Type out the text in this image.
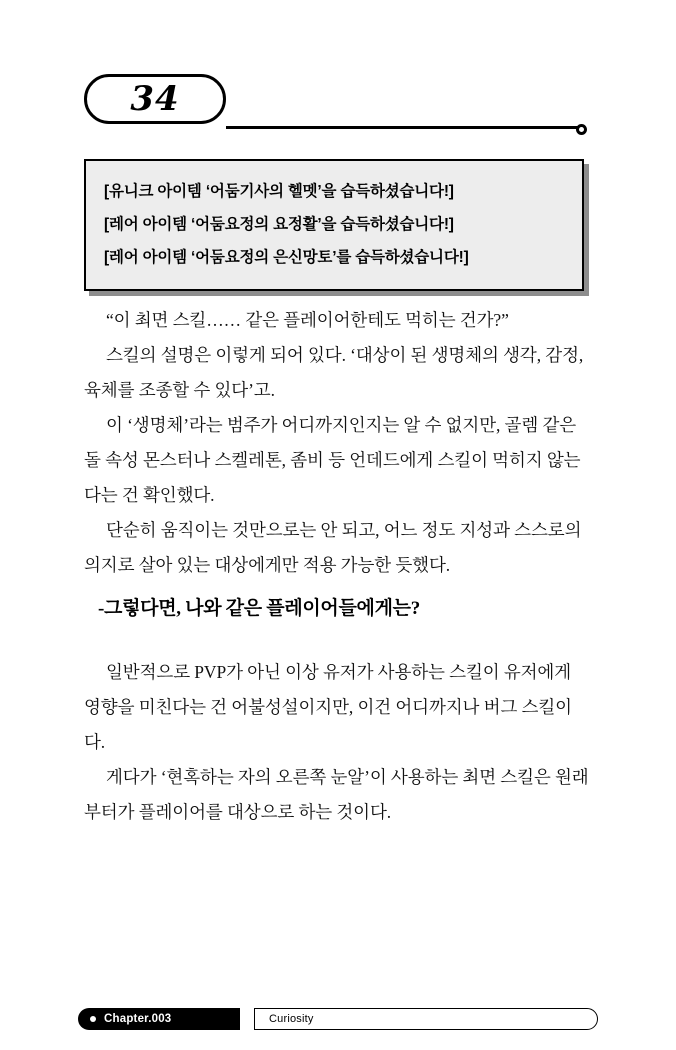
34
[유니크 아이템 ‘어둠기사의 헬멧’을 습득하셨습니다!]
[레어 아이템 ‘어둠요정의 요정활’을 습득하셨습니다!]
[레어 아이템 ‘어둠요정의 은신망토’를 습득하셨습니다!]

“이 최면 스킬…… 같은 플레이어한테도 먹히는 건가?”

스킬의 설명은 이렇게 되어 있다. ‘대상이 된 생명체의 생각, 감정, 육체를 조종할 수 있다’고.

이 ‘생명체’라는 범주가 어디까지인지는 알 수 없지만, 골렘 같은 돌 속성 몬스터나 스켈레톤, 좀비 등 언데드에게 스킬이 먹히지 않는다는 건 확인했다.

단순히 움직이는 것만으로는 안 되고, 어느 정도 지성과 스스로의 의지로 살아 있는 대상에게만 적용 가능한 듯했다.

-그렇다면, 나와 같은 플레이어들에게는?

일반적으로 PVP가 아닌 이상 유저가 사용하는 스킬이 유저에게 영향을 미친다는 건 어불성설이지만, 이건 어디까지나 버그 스킬이다.

게다가 ‘현혹하는 자의 오른쪽 눈알’이 사용하는 최면 스킬은 원래부터가 플레이어를 대상으로 하는 것이다.

Chapter.003	Curiosity
